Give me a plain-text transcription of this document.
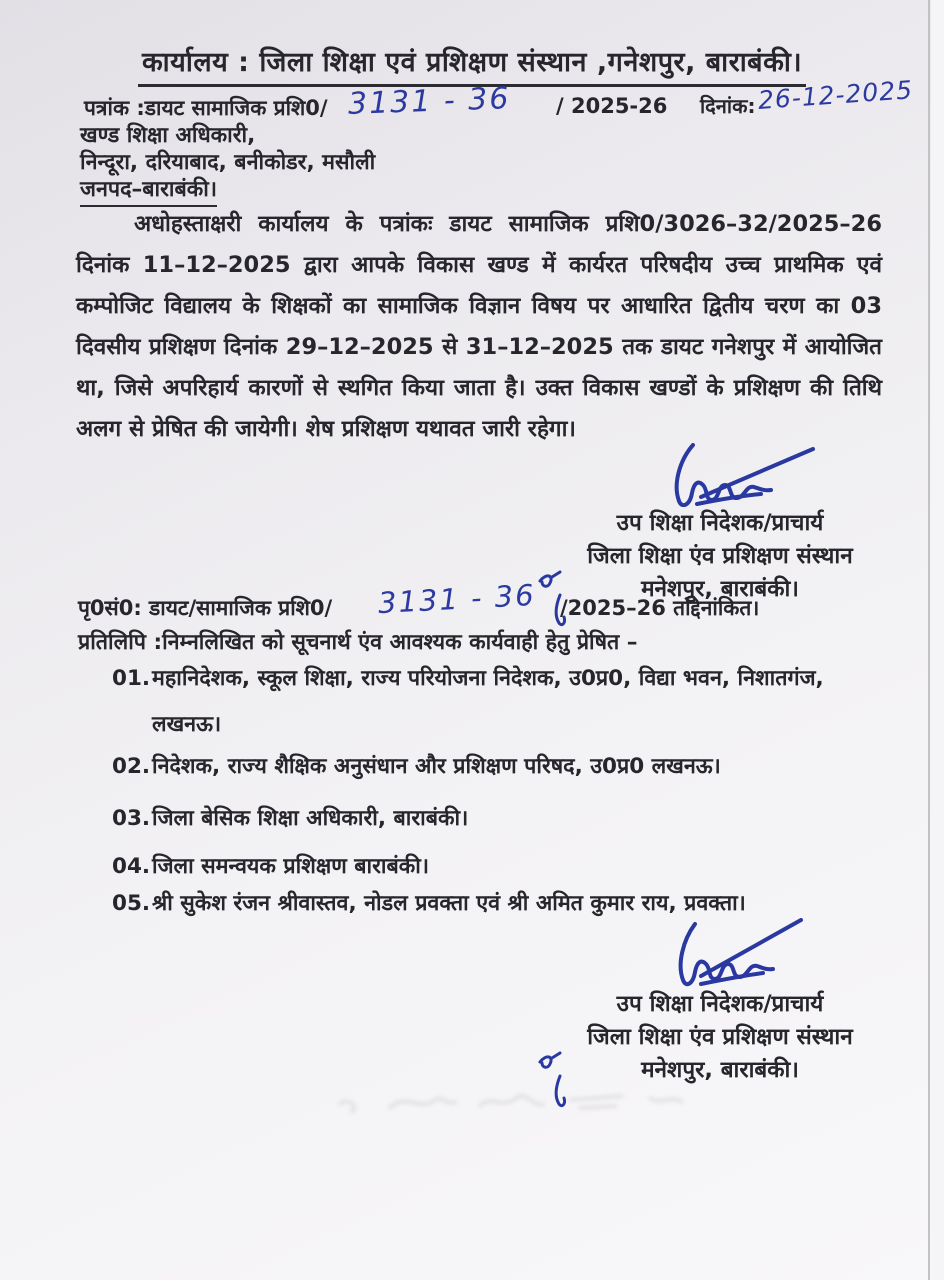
कार्यालय : जिला शिक्षा एवं प्रशिक्षण संस्थान ,गनेशपुर, बाराबंकी।
पत्रांक :डायट सामाजिक प्रशि0/ 3131 - 36 / 2025-26 दिनांक: 26-12-2025
खण्ड शिक्षा अधिकारी,
निन्दूरा, दरियाबाद, बनीकोडर, मसौली
जनपद–बाराबंकी।
अधोहस्ताक्षरी कार्यालय के पत्रांकः डायट सामाजिक प्रशि0/3026–32/2025–26 दिनांक 11–12–2025 द्वारा आपके विकास खण्ड में कार्यरत परिषदीय उच्च प्राथमिक एवं कम्पोजिट विद्यालय के शिक्षकों का सामाजिक विज्ञान विषय पर आधारित द्वितीय चरण का 03 दिवसीय प्रशिक्षण दिनांक 29–12–2025 से 31–12–2025 तक डायट गनेशपुर में आयोजित था, जिसे अपरिहार्य कारणों से स्थगित किया जाता है। उक्त विकास खण्डों के प्रशिक्षण की तिथि अलग से प्रेषित की जायेगी। शेष प्रशिक्षण यथावत जारी रहेगा।
उप शिक्षा निदेशक/प्राचार्य
जिला शिक्षा एंव प्रशिक्षण संस्थान
मनेशपुर, बाराबंकी।
पृ0सं0: डायट/सामाजिक प्रशि0/ 3131 - 36 /2025–26 तद्दिनांकित।
प्रतिलिपि :निम्नलिखित को सूचनार्थ एंव आवश्यक कार्यवाही हेतु प्रेषित –
01. महानिदेशक, स्कूल शिक्षा, राज्य परियोजना निदेशक, उ0प्र0, विद्या भवन, निशातगंज, लखनऊ।
02. निदेशक, राज्य शैक्षिक अनुसंधान और प्रशिक्षण परिषद, उ0प्र0 लखनऊ।
03. जिला बेसिक शिक्षा अधिकारी, बाराबंकी।
04. जिला समन्वयक प्रशिक्षण बाराबंकी।
05. श्री सुकेश रंजन श्रीवास्तव, नोडल प्रवक्ता एवं श्री अमित कुमार राय, प्रवक्ता।
उप शिक्षा निदेशक/प्राचार्य
जिला शिक्षा एंव प्रशिक्षण संस्थान
मनेशपुर, बाराबंकी।
